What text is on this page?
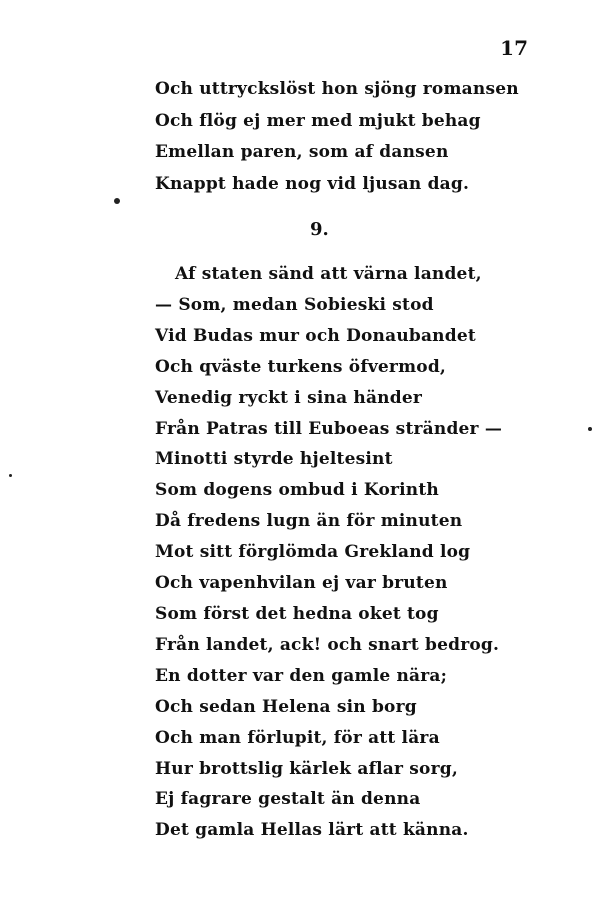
17
Och uttryckslöst hon sjöng romansen
Och flög ej mer med mjukt behag
Emellan paren, som af dansen
Knappt hade nog vid ljusan dag.
9.
Af staten sänd att värna landet,
— Som, medan Sobieski stod
Vid Budas mur och Donaubandet
Och qväste turkens öfvermod,
Venedig ryckt i sina händer
Från Patras till Euboeas stränder —
Minotti styrde hjeltesint
Som dogens ombud i Korinth
Då fredens lugn än för minuten
Mot sitt förglömda Grekland log
Och vapenhvilan ej var bruten
Som först det hedna oket tog
Från landet, ack! och snart bedrog.
En dotter var den gamle nära;
Och sedan Helena sin borg
Och man förlupit, för att lära
Hur brottslig kärlek aflar sorg,
Ej fagrare gestalt än denna
Det gamla Hellas lärt att känna.
